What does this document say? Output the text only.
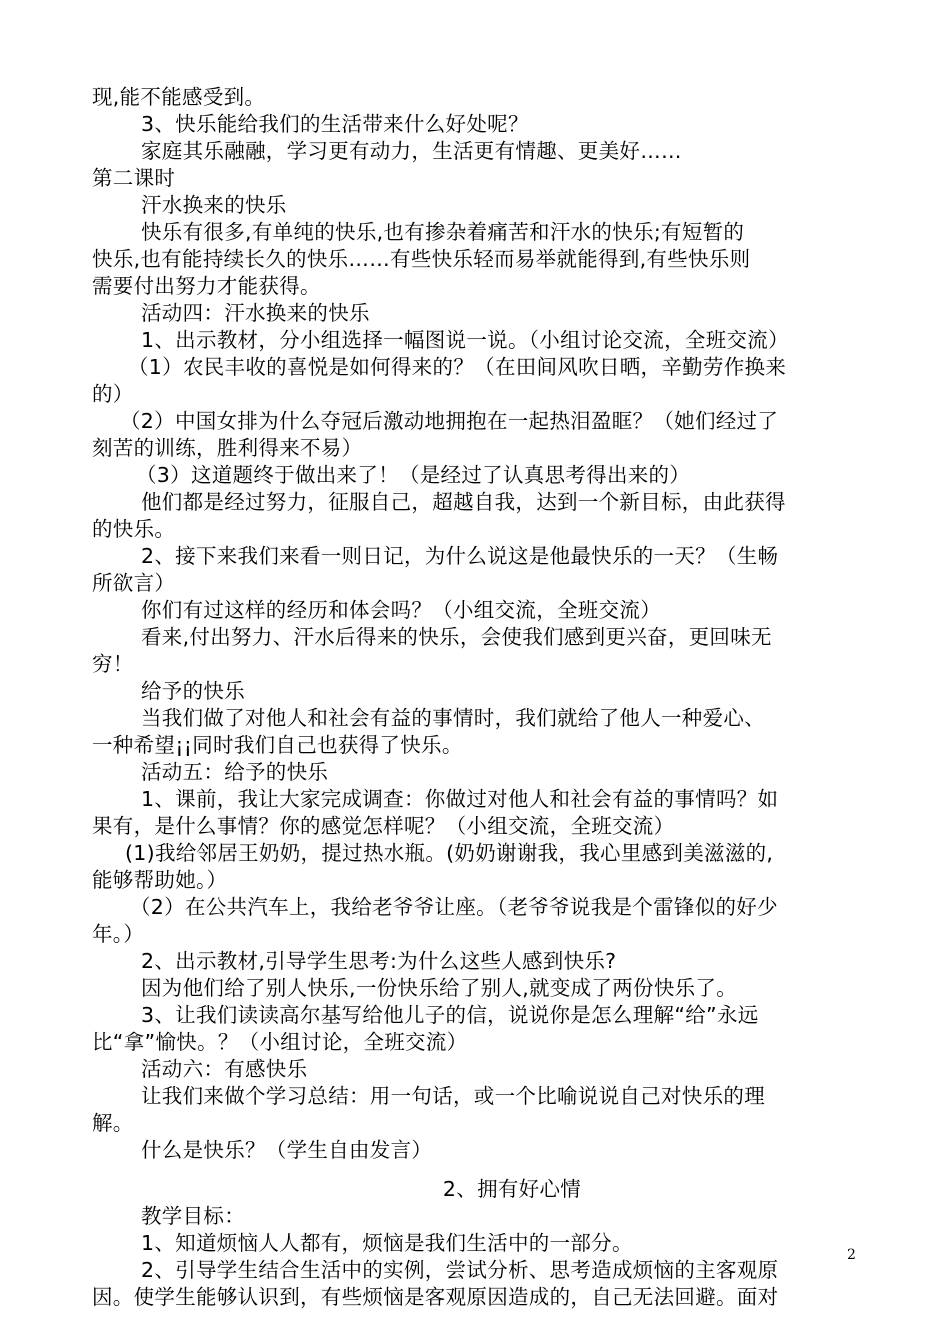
现,能不能感受到。
3、快乐能给我们的生活带来什么好处呢？
家庭其乐融融，学习更有动力，生活更有情趣、更美好……
第二课时
汗水换来的快乐
快乐有很多,有单纯的快乐,也有掺杂着痛苦和汗水的快乐;有短暂的
快乐,也有能持续长久的快乐……有些快乐轻而易举就能得到,有些快乐则
需要付出努力才能获得。
活动四：汗水换来的快乐
1、出示教材，分小组选择一幅图说一说。（小组讨论交流，全班交流）
（1）农民丰收的喜悦是如何得来的？（在田间风吹日晒，辛勤劳作换来
的）
（2）中国女排为什么夺冠后激动地拥抱在一起热泪盈眶？（她们经过了
刻苦的训练，胜利得来不易）
（3）这道题终于做出来了！（是经过了认真思考得出来的）
他们都是经过努力，征服自己，超越自我，达到一个新目标，由此获得
的快乐。
2、接下来我们来看一则日记，为什么说这是他最快乐的一天？（生畅
所欲言）
你们有过这样的经历和体会吗？（小组交流，全班交流）
看来,付出努力、汗水后得来的快乐，会使我们感到更兴奋，更回味无
穷！
给予的快乐
当我们做了对他人和社会有益的事情时，我们就给了他人一种爱心、
一种希望¡¡同时我们自己也获得了快乐。
活动五：给予的快乐
1、课前，我让大家完成调查：你做过对他人和社会有益的事情吗？如
果有，是什么事情？你的感觉怎样呢？（小组交流，全班交流）
(1)我给邻居王奶奶，提过热水瓶。(奶奶谢谢我，我心里感到美滋滋的,
能够帮助她。）
（2）在公共汽车上，我给老爷爷让座。（老爷爷说我是个雷锋似的好少
年。）
2、出示教材,引导学生思考:为什么这些人感到快乐?
因为他们给了别人快乐,一份快乐给了别人,就变成了两份快乐了。
3、让我们读读高尔基写给他儿子的信，说说你是怎么理解“给”永远
比“拿”愉快。？（小组讨论，全班交流）
活动六：有感快乐
让我们来做个学习总结：用一句话，或一个比喻说说自己对快乐的理
解。
什么是快乐？（学生自由发言）
2、拥有好心情
教学目标：
1、知道烦恼人人都有，烦恼是我们生活中的一部分。
2、引导学生结合生活中的实例，尝试分析、思考造成烦恼的主客观原
因。使学生能够认识到，有些烦恼是客观原因造成的，自己无法回避。面对
2
